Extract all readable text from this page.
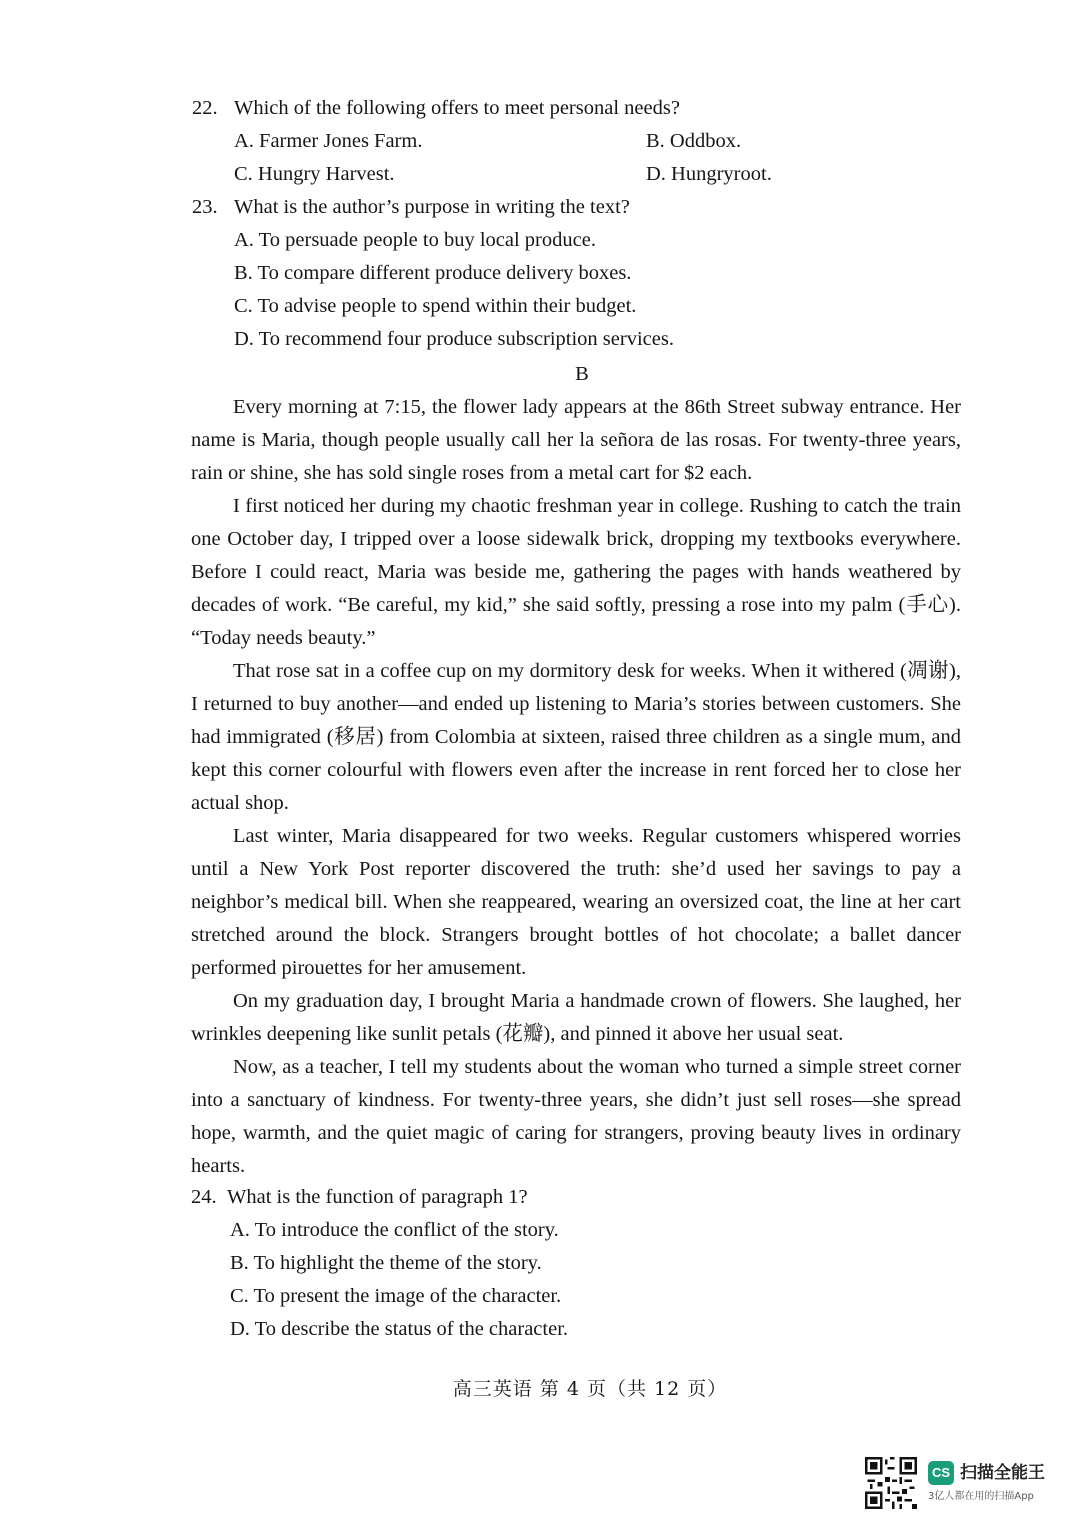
22. Which of the following offers to meet personal needs?
A. Farmer Jones Farm.	B. Oddbox.
C. Hungry Harvest.	D. Hungryroot.
23. What is the author’s purpose in writing the text?
A. To persuade people to buy local produce.
B. To compare different produce delivery boxes.
C. To advise people to spend within their budget.
D. To recommend four produce subscription services.
B

Every morning at 7:15, the flower lady appears at the 86th Street subway entrance. Her name is Maria, though people usually call her la señora de las rosas. For twenty-three years, rain or shine, she has sold single roses from a metal cart for $2 each.

I first noticed her during my chaotic freshman year in college. Rushing to catch the train one October day, I tripped over a loose sidewalk brick, dropping my textbooks everywhere. Before I could react, Maria was beside me, gathering the pages with hands weathered by decades of work. “Be careful, my kid,” she said softly, pressing a rose into my palm (手心). “Today needs beauty.”

That rose sat in a coffee cup on my dormitory desk for weeks. When it withered (凋谢), I returned to buy another—and ended up listening to Maria’s stories between customers. She had immigrated (移居) from Colombia at sixteen, raised three children as a single mum, and kept this corner colourful with flowers even after the increase in rent forced her to close her actual shop.

Last winter, Maria disappeared for two weeks. Regular customers whispered worries until a New York Post reporter discovered the truth: she’d used her savings to pay a neighbor’s medical bill. When she reappeared, wearing an oversized coat, the line at her cart stretched around the block. Strangers brought bottles of hot chocolate; a ballet dancer performed pirouettes for her amusement.

On my graduation day, I brought Maria a handmade crown of flowers. She laughed, her wrinkles deepening like sunlit petals (花瓣), and pinned it above her usual seat.

Now, as a teacher, I tell my students about the woman who turned a simple street corner into a sanctuary of kindness. For twenty-three years, she didn’t just sell roses—she spread hope, warmth, and the quiet magic of caring for strangers, proving beauty lives in ordinary hearts.

24. What is the function of paragraph 1?
A. To introduce the conflict of the story.
B. To highlight the theme of the story.
C. To present the image of the character.
D. To describe the status of the character.
高三英语 第 4 页（共 12 页）
CS 扫描全能王
3亿人都在用的扫描App
